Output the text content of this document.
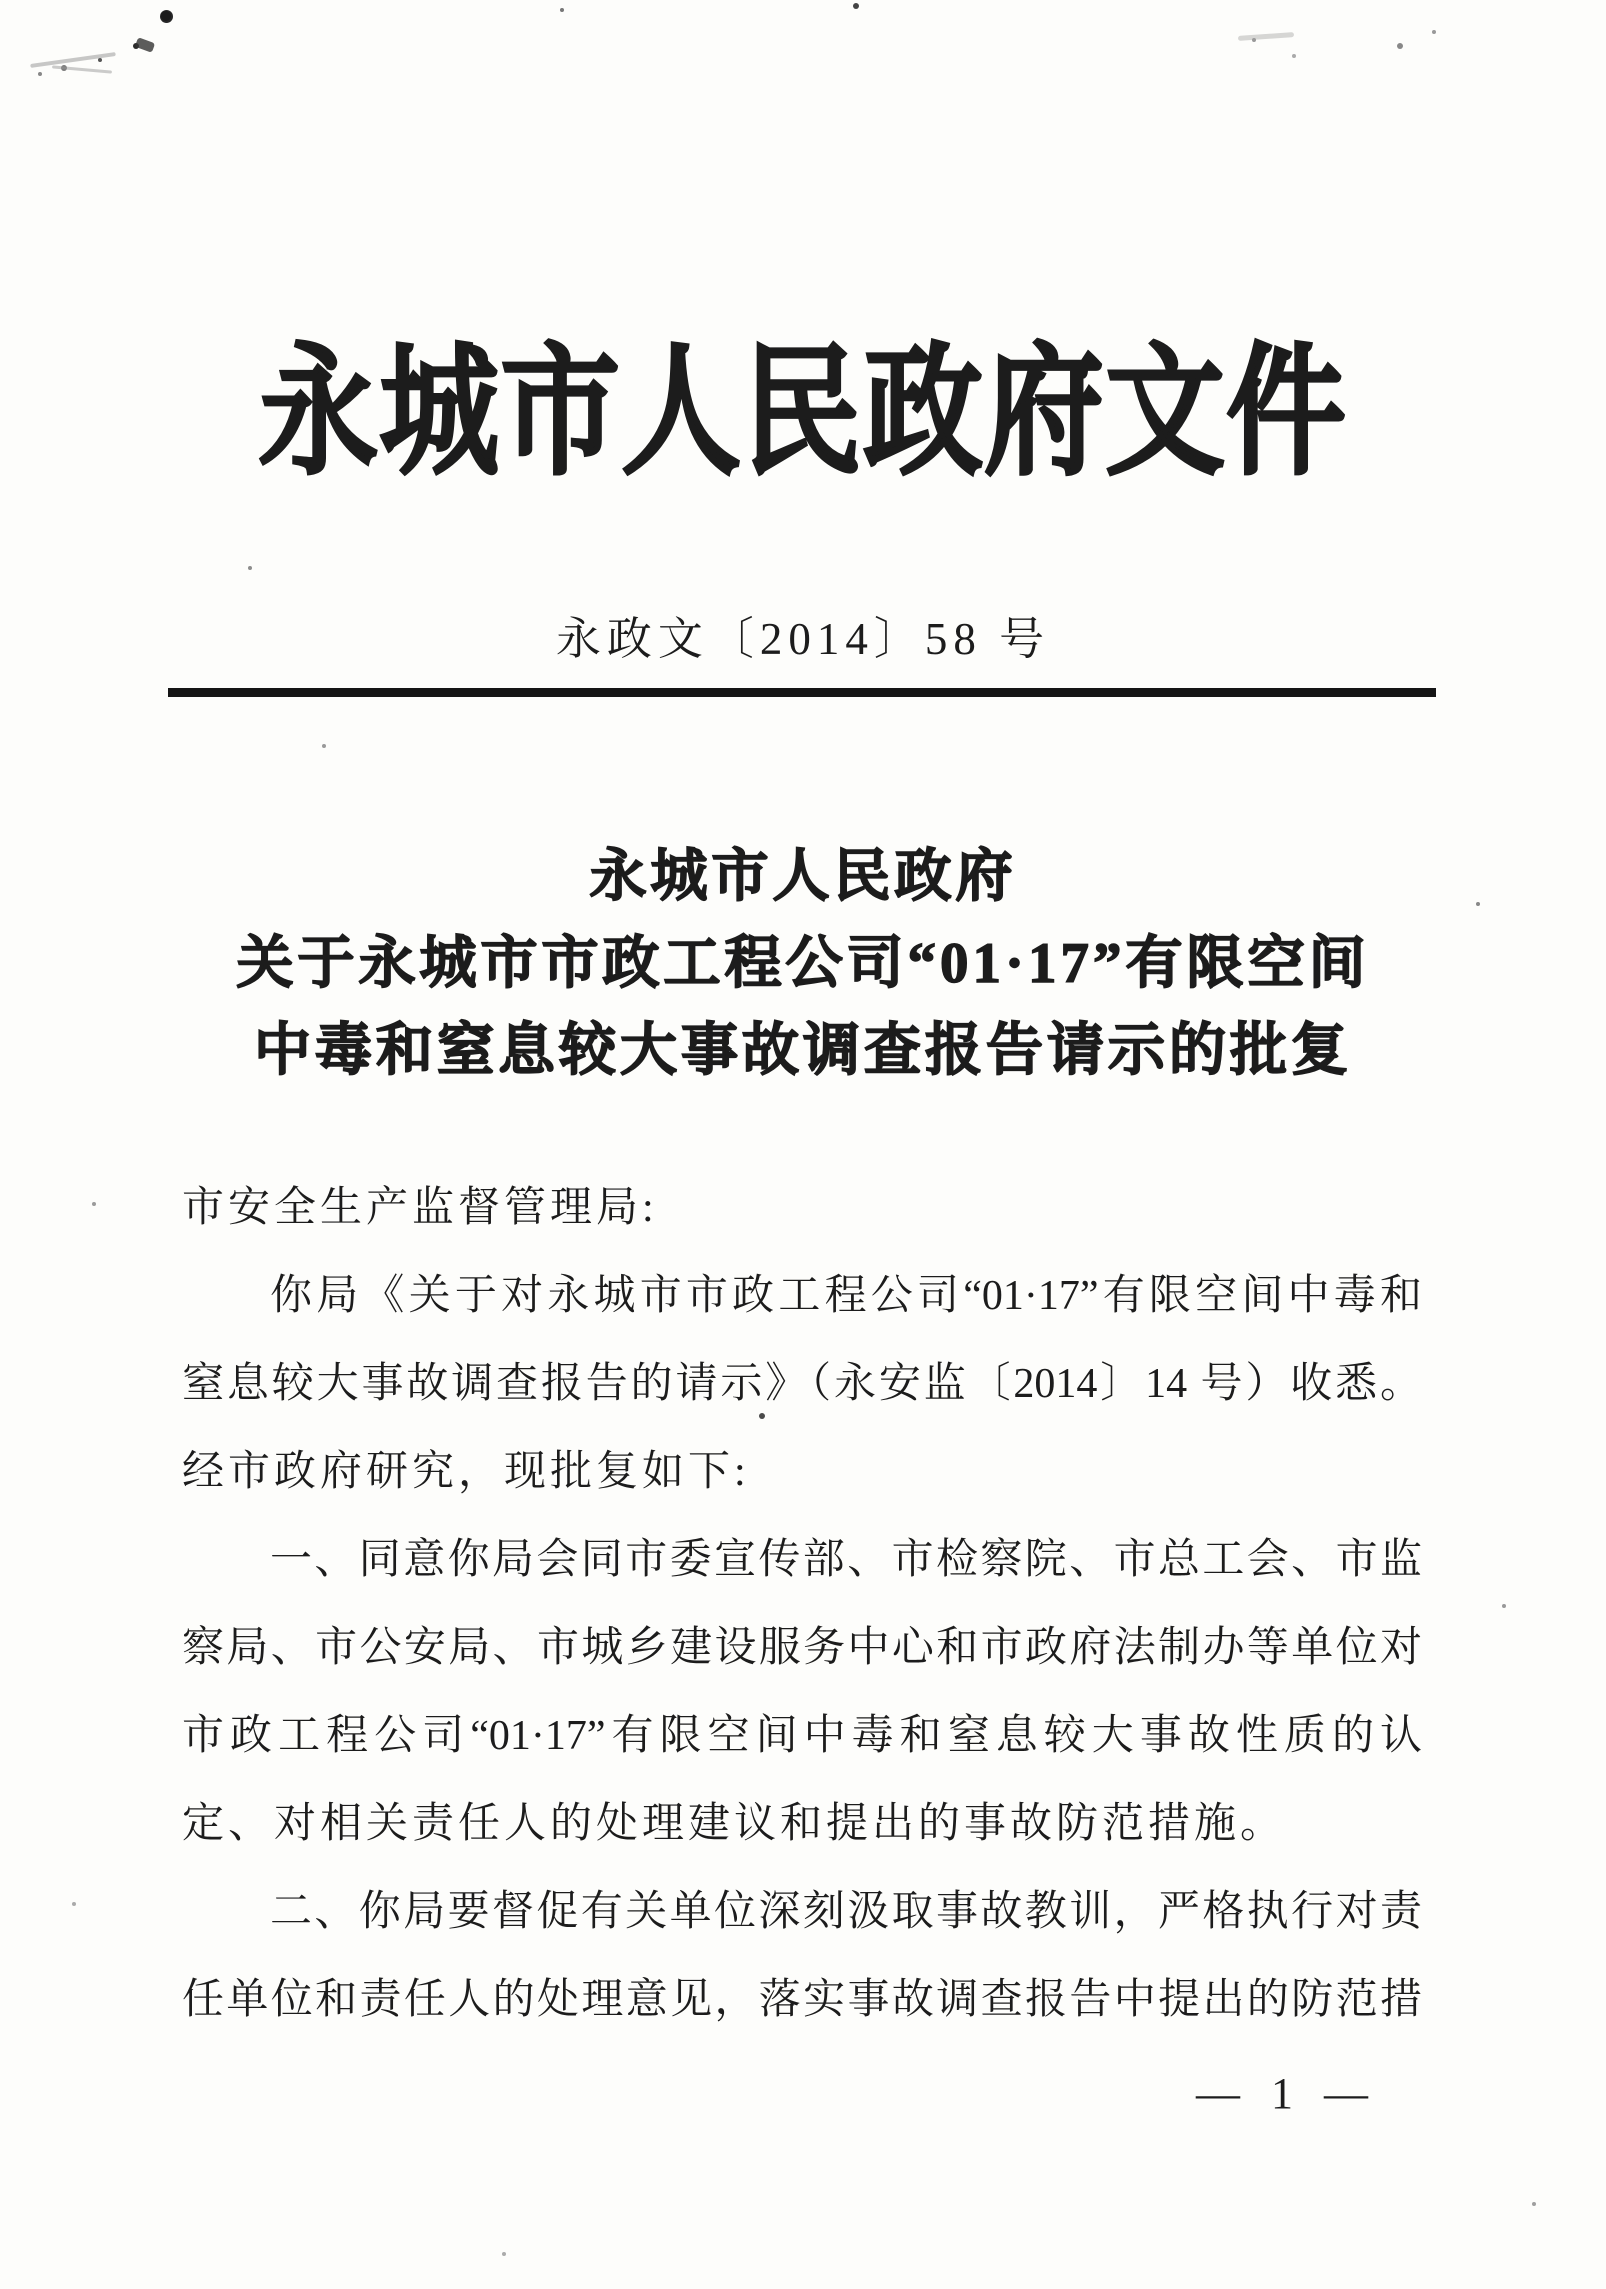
永城市人民政府文件
永政文〔2014〕58 号
永城市人民政府
关于永城市市政工程公司“01·17”有限空间
中毒和窒息较大事故调查报告请示的批复
市安全生产监督管理局:
你局《关于对永城市市政工程公司“01·17”有限空间中毒和
窒息较大事故调查报告的请示》（永安监〔2014〕14 号）收悉。
经市政府研究，现批复如下:
一、同意你局会同市委宣传部、市检察院、市总工会、市监
察局、市公安局、市城乡建设服务中心和市政府法制办等单位对
市政工程公司“01·17”有限空间中毒和窒息较大事故性质的认
定、对相关责任人的处理建议和提出的事故防范措施。
二、你局要督促有关单位深刻汲取事故教训，严格执行对责
任单位和责任人的处理意见，落实事故调查报告中提出的防范措
— 1 —
